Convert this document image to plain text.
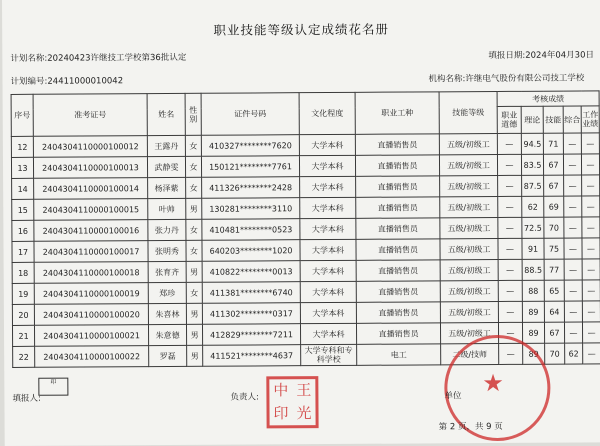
职业技能等级认定成绩花名册
计划名称:20240423许继技工学校第36批认定	填报日期:2024年04月30日
计划编号:24411000010042	机构名称:许继电气股份有限公司技工学校
序号	准考证号	姓名	性别	证件号码	文化程度	职业工种	技能等级	考核成绩				
								职业道德	理论	技能	综合	工作业绩
12	2404304110000100012	王露丹	女	410327********7620	大学本科	直播销售员	五级/初级工	—	94.5	71	—	—
13	2404304110000100013	武静雯	女	150121********7761	大学本科	直播销售员	五级/初级工	—	83.5	67	—	—
14	2404304110000100014	杨泽紫	女	411326********2428	大学本科	直播销售员	五级/初级工	—	87.5	67	—	—
15	2404304110000100015	叶帅	男	130281********3110	大学本科	直播销售员	五级/初级工	—	62	69	—	—
16	2404304110000100016	张力丹	女	410481********0523	大学本科	直播销售员	五级/初级工	—	72.5	70	—	—
17	2404304110000100017	张明秀	女	640203********1020	大学本科	直播销售员	五级/初级工	—	91	75	—	—
18	2404304110000100018	张育齐	男	410822********0013	大学本科	直播销售员	五级/初级工	—	88.5	77	—	—
19	2404304110000100019	郑珍	女	411381********6740	大学本科	直播销售员	五级/初级工	—	88	65	—	—
20	2404304110000100020	朱喜林	男	411302********0317	大学本科	直播销售员	五级/初级工	—	89	64	—	—
21	2404304110000100021	朱意德	男	412829********7211	大学本科	直播销售员	五级/初级工	—	89	67	—	—
22	2404304110000100022	罗磊	男	411521********4637	大学专科和专科学校	电工	二级/技师	—	89	70	62	—
填报人:
印
负责人: 中 王
印 光
★
单位
第 2 页，共 9 页
